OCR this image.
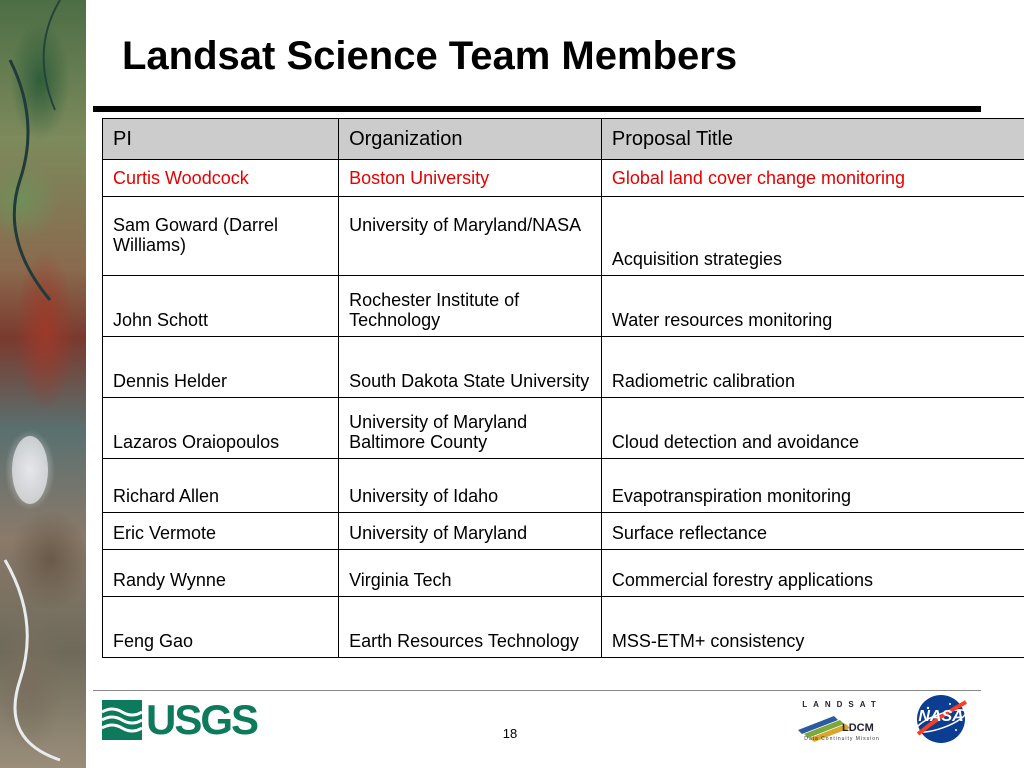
Landsat Science Team Members
PI	Organization	Proposal Title
Curtis Woodcock	Boston University	Global land cover change monitoring
Sam Goward (Darrel Williams)	University of Maryland/NASA	Acquisition strategies
John Schott	Rochester Institute of Technology	Water resources monitoring
Dennis Helder	South Dakota State University	Radiometric calibration
Lazaros Oraiopoulos	University of Maryland Baltimore County	Cloud detection and avoidance
Richard Allen	University of Idaho	Evapotranspiration monitoring
Eric Vermote	University of Maryland	Surface reflectance
Randy Wynne	Virginia Tech	Commercial forestry applications
Feng Gao	Earth Resources Technology	MSS-ETM+ consistency
USGS	18
LANDSAT
LDCM
Data Continuity Mission
NASA
